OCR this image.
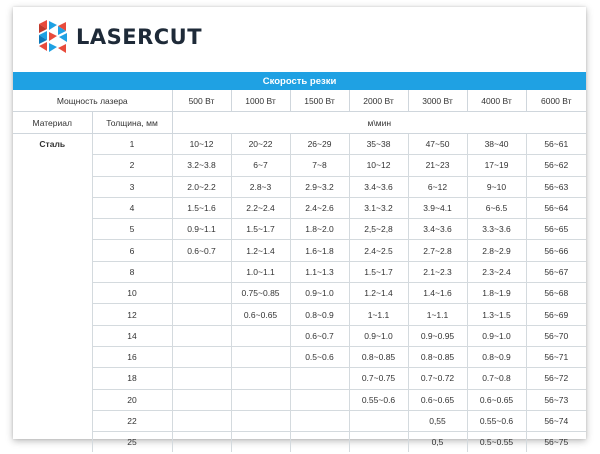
LASERCUT
Скорость резки								
Мощность лазера		500 Вт	1000 Вт	1500 Вт	2000 Вт	3000 Вт	4000 Вт	6000 Вт
Материал	Толщина, мм	м\мин						
Сталь	1	10~12	20~22	26~29	35~38	47~50	38~40	56~61
	2	3.2~3.8	6~7	7~8	10~12	21~23	17~19	56~62
	3	2.0~2.2	2.8~3	2.9~3.2	3.4~3.6	6~12	9~10	56~63
	4	1.5~1.6	2.2~2.4	2.4~2.6	3.1~3.2	3.9~4.1	6~6.5	56~64
	5	0.9~1.1	1.5~1.7	1.8~2.0	2,5~2,8	3.4~3.6	3.3~3.6	56~65
	6	0.6~0.7	1.2~1.4	1.6~1.8	2.4~2.5	2.7~2.8	2.8~2.9	56~66
	8		1.0~1.1	1.1~1.3	1.5~1.7	2.1~2.3	2.3~2.4	56~67
	10		0.75~0.85	0.9~1.0	1.2~1.4	1.4~1.6	1.8~1.9	56~68
	12		0.6~0.65	0.8~0.9	1~1.1	1~1.1	1.3~1.5	56~69
	14			0.6~0.7	0.9~1.0	0.9~0.95	0.9~1.0	56~70
	16			0.5~0.6	0.8~0.85	0.8~0.85	0.8~0.9	56~71
	18				0.7~0.75	0.7~0.72	0.7~0.8	56~72
	20				0.55~0.6	0.6~0.65	0.6~0.65	56~73
	22					0,55	0.55~0.6	56~74
	25					0,5	0.5~0.55	56~75
